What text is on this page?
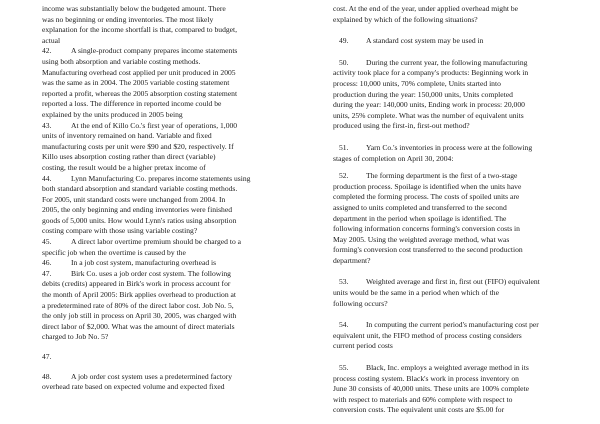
income was substantially below the budgeted amount. There
was no beginning or ending inventories. The most likely
explanation for the income shortfall is that, compared to budget,
actual
42.	A single-product company prepares income statements
using both absorption and variable costing methods.
Manufacturing overhead cost applied per unit produced in 2005
was the same as in 2004. The 2005 variable costing statement
reported a profit, whereas the 2005 absorption costing statement
reported a loss. The difference in reported income could be
explained by the units produced in 2005 being
43.	At the end of Killo Co.'s first year of operations, 1,000
units of inventory remained on hand. Variable and fixed
manufacturing costs per unit were $90 and $20, respectively. If
Killo uses absorption costing rather than direct (variable)
costing, the result would be a higher pretax income of
44.	Lynn Manufacturing Co. prepares income statements using
both standard absorption and standard variable costing methods.
For 2005, unit standard costs were unchanged from 2004. In
2005, the only beginning and ending inventories were finished
goods of 5,000 units. How would Lynn's ratios using absorption
costing compare with those using variable costing?
45.	A direct labor overtime premium should be charged to a
specific job when the overtime is caused by the
46.	In a job cost system, manufacturing overhead is
47.	Birk Co. uses a job order cost system. The following
debits (credits) appeared in Birk's work in process account for
the month of April 2005: Birk applies overhead to production at
a predetermined rate of 80% of the direct labor cost. Job No. 5,
the only job still in process on April 30, 2005, was charged with
direct labor of $2,000. What was the amount of direct materials
charged to Job No. 5?
47.

48.	A job order cost system uses a predetermined factory
overhead rate based on expected volume and expected fixed
cost. At the end of the year, under applied overhead might be
explained by which of the following situations?
49.	A standard cost system may be used in
50.	During the current year, the following manufacturing
activity took place for a company's products: Beginning work in
process: 10,000 units, 70% complete, Units started into
production during the year: 150,000 units, Units completed
during the year: 140,000 units, Ending work in process: 20,000
units, 25% complete. What was the number of equivalent units
produced using the first-in, first-out method?
51.	Yarn Co.'s inventories in process were at the following
stages of completion on April 30, 2004:
52.	The forming department is the first of a two-stage
production process. Spoilage is identified when the units have
completed the forming process. The costs of spoiled units are
assigned to units completed and transferred to the second
department in the period when spoilage is identified. The
following information concerns forming's conversion costs in
May 2005. Using the weighted average method, what was
forming's conversion cost transferred to the second production
department?
53.	Weighted average and first in, first out (FIFO) equivalent
units would be the same in a period when which of the
following occurs?
54.	In computing the current period's manufacturing cost per
equivalent unit, the FIFO method of process costing considers
current period costs
55.	Black, Inc. employs a weighted average method in its
process costing system. Black's work in process inventory on
June 30 consists of 40,000 units. These units are 100% complete
with respect to materials and 60% complete with respect to
conversion costs. The equivalent unit costs are $5.00 for
